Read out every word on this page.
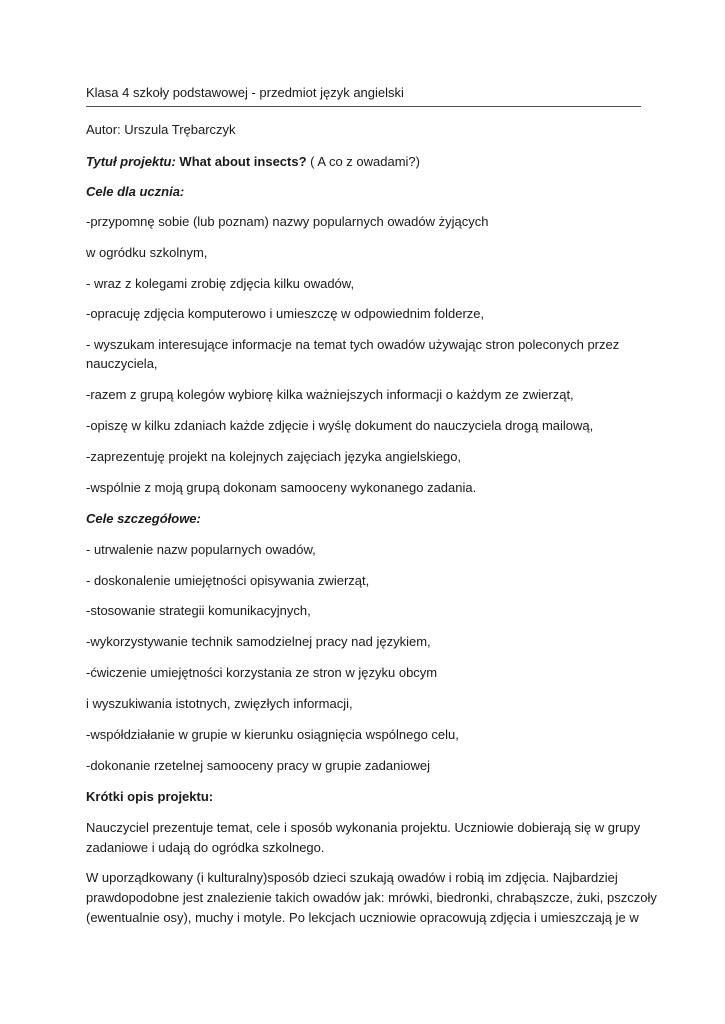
Klasa 4 szkoły podstawowej - przedmiot język angielski
Autor: Urszula Trębarczyk
Tytuł projektu: What about insects? ( A co z owadami?)
Cele dla ucznia:
-przypomnę sobie (lub poznam) nazwy popularnych owadów żyjących
w ogródku szkolnym,
- wraz z kolegami zrobię zdjęcia kilku owadów,
-opracuję zdjęcia komputerowo i umieszczę w odpowiednim folderze,
- wyszukam interesujące informacje na temat tych owadów używając stron poleconych przez
nauczyciela,
-razem z grupą kolegów wybiorę kilka ważniejszych informacji o każdym ze zwierząt,
-opiszę w kilku zdaniach każde zdjęcie i wyślę dokument do nauczyciela drogą mailową,
-zaprezentuję projekt na kolejnych zajęciach języka angielskiego,
-wspólnie z moją grupą dokonam samooceny wykonanego zadania.
Cele szczegółowe:
- utrwalenie nazw popularnych owadów,
- doskonalenie umiejętności opisywania zwierząt,
-stosowanie strategii komunikacyjnych,
-wykorzystywanie technik samodzielnej pracy nad językiem,
-ćwiczenie umiejętności korzystania ze stron w języku obcym
i wyszukiwania istotnych, zwięzłych informacji,
-współdziałanie w grupie w kierunku osiągnięcia wspólnego celu,
-dokonanie rzetelnej samooceny pracy w grupie zadaniowej
Krótki opis projektu:
Nauczyciel prezentuje temat, cele i sposób wykonania projektu. Uczniowie dobierają się w grupy
zadaniowe i udają do ogródka szkolnego.
W uporządkowany (i kulturalny)sposób dzieci szukają owadów i robią im zdjęcia. Najbardziej
prawdopodobne jest znalezienie takich owadów jak: mrówki, biedronki, chrabąszcze, żuki, pszczoły
(ewentualnie osy), muchy i motyle. Po lekcjach uczniowie opracowują zdjęcia i umieszczają je w
